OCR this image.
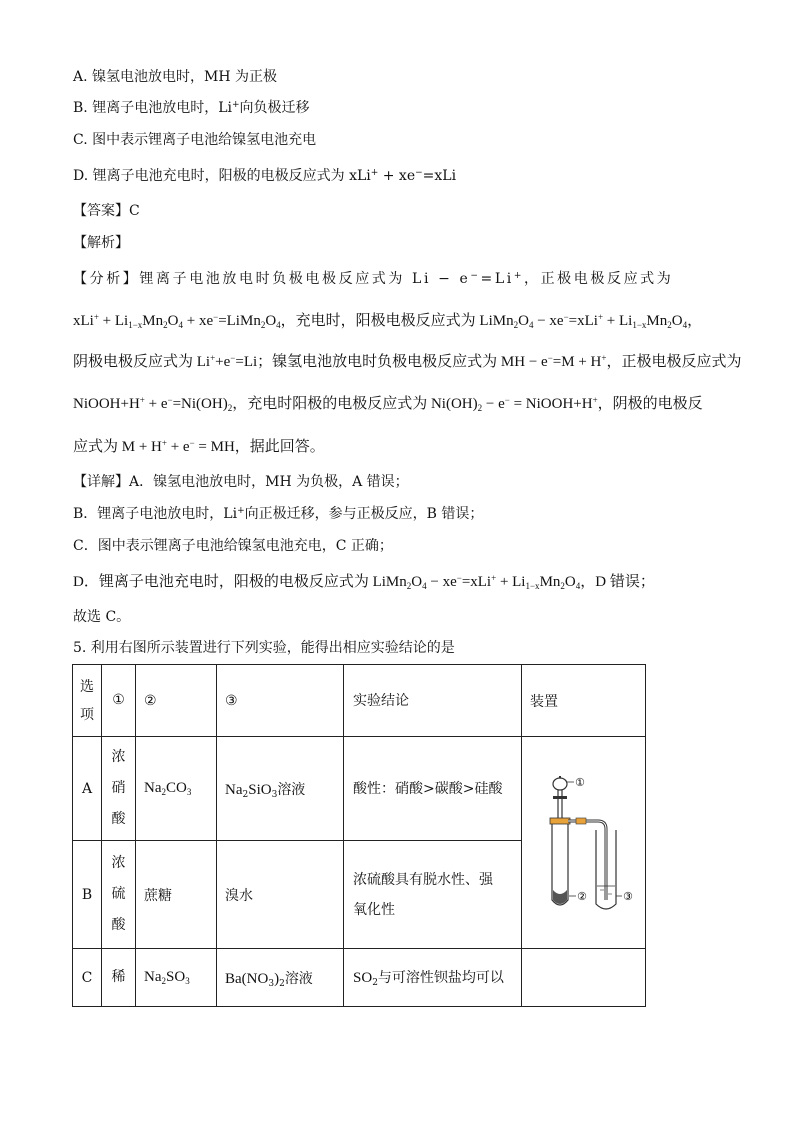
A. 镍氢电池放电时，MH 为正极
B. 锂离子电池放电时，Li+向负极迁移
C. 图中表示锂离子电池给镍氢电池充电
D. 锂离子电池充电时，阳极的电极反应式为 xLi+ + xe−=xLi
【答案】C
【解析】
【分析】锂离子电池放电时负极电极反应式为 Li − e−=Li+，正极电极反应式为
$xLi^+ + Li_{1-x}Mn_2O_4$ + $xe^-=LiMn_2O_4$，充电时，阳极电极反应式为 $LiMn_2O_4 - xe^-=xLi^+ + Li_{1-x}Mn_2O_4$，
阴极电极反应式为 Li++e−=Li；镍氢电池放电时负极电极反应式为 MH − e−=M + H+，正极电极反应式为
NiOOH+H+ + $e^-=Ni(OH)_2$，充电时阳极的电极反应式为 $Ni(OH)_2 - e^-$ = NiOOH+H+，阴极的电极反
应式为 M + H+ + e− = MH，据此回答。
【详解】A．镍氢电池放电时，MH 为负极，A 错误；
B．锂离子电池放电时，Li+向正极迁移，参与正极反应，B 错误；
C．图中表示锂离子电池给镍氢电池充电，C 正确；
D．锂离子电池充电时，阳极的电极反应式为 $LiMn_2O_4 - xe^-=xLi^+ + Li_{1-x}Mn_2O_4$，D 错误；
故选 C。
5. 利用右图所示装置进行下列实验，能得出相应实验结论的是
选项	①	②	③	实验结论	装置
A	浓硝酸	$Na_2CO_3$	$Na_2SiO_3$溶液	酸性：硝酸>碳酸>硅酸	①
② ③

B	浓硫酸	蔗糖	溴水	浓硫酸具有脱水性、强氧化性	
C	稀	$Na_2SO_3$	$Ba(NO_3)_2$溶液	$SO_2$与可溶性钡盐均可以	
